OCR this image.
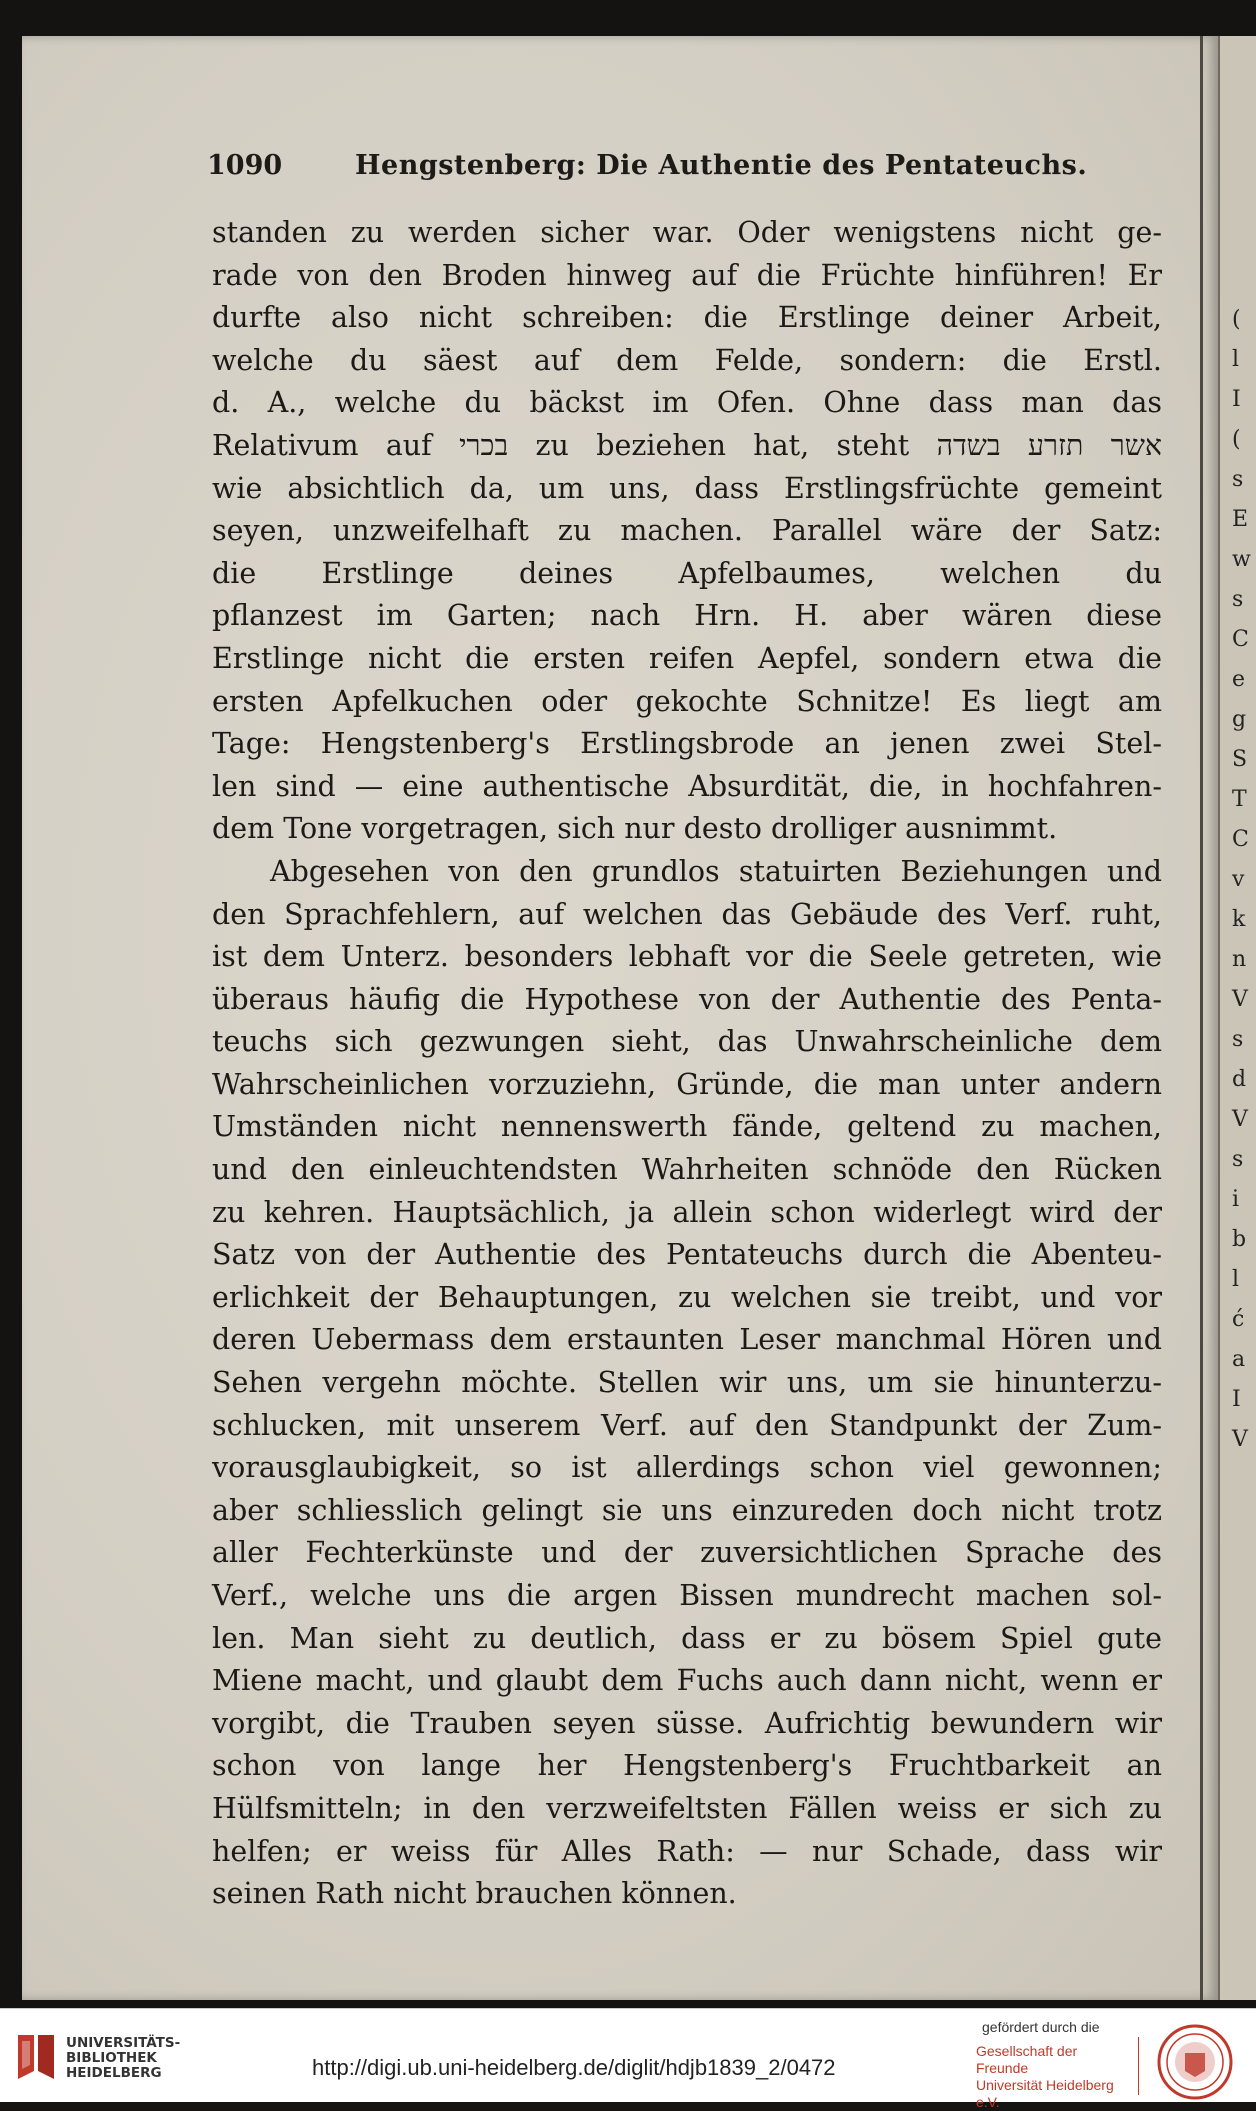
(
l
I
(
s
E
w
s
C
e
g
S
T
C
v
k
n
V
s
d
V
s
i
b
l
ć
a
I
V
1090	Hengstenberg: Die Authentie des Pentateuchs.
standen zu werden sicher war. Oder wenigstens nicht ge-
rade von den Broden hinweg auf die Früchte hinführen! Er
durfte also nicht schreiben: die Erstlinge deiner Arbeit,
welche du säest auf dem Felde, sondern: die Erstl.
d. A., welche du bäckst im Ofen. Ohne dass man das
Relativum auf בכרי zu beziehen hat, steht אשר תזרע בשדה
wie absichtlich da, um uns, dass Erstlingsfrüchte gemeint
seyen, unzweifelhaft zu machen. Parallel wäre der Satz:
die Erstlinge deines Apfelbaumes, welchen du
pflanzest im Garten; nach Hrn. H. aber wären diese
Erstlinge nicht die ersten reifen Aepfel, sondern etwa die
ersten Apfelkuchen oder gekochte Schnitze! Es liegt am
Tage: Hengstenberg's Erstlingsbrode an jenen zwei Stel-
len sind — eine authentische Absurdität, die, in hochfahren-
dem Tone vorgetragen, sich nur desto drolliger ausnimmt.
Abgesehen von den grundlos statuirten Beziehungen und
den Sprachfehlern, auf welchen das Gebäude des Verf. ruht,
ist dem Unterz. besonders lebhaft vor die Seele getreten, wie
überaus häufig die Hypothese von der Authentie des Penta-
teuchs sich gezwungen sieht, das Unwahrscheinliche dem
Wahrscheinlichen vorzuziehn, Gründe, die man unter andern
Umständen nicht nennenswerth fände, geltend zu machen,
und den einleuchtendsten Wahrheiten schnöde den Rücken
zu kehren. Hauptsächlich, ja allein schon widerlegt wird der
Satz von der Authentie des Pentateuchs durch die Abenteu-
erlichkeit der Behauptungen, zu welchen sie treibt, und vor
deren Uebermass dem erstaunten Leser manchmal Hören und
Sehen vergehn möchte. Stellen wir uns, um sie hinunterzu-
schlucken, mit unserem Verf. auf den Standpunkt der Zum-
vorausglaubigkeit, so ist allerdings schon viel gewonnen;
aber schliesslich gelingt sie uns einzureden doch nicht trotz
aller Fechterkünste und der zuversichtlichen Sprache des
Verf., welche uns die argen Bissen mundrecht machen sol-
len. Man sieht zu deutlich, dass er zu bösem Spiel gute
Miene macht, und glaubt dem Fuchs auch dann nicht, wenn er
vorgibt, die Trauben seyen süsse. Aufrichtig bewundern wir
schon von lange her Hengstenberg's Fruchtbarkeit an
Hülfsmitteln; in den verzweifeltsten Fällen weiss er sich zu
helfen; er weiss für Alles Rath: — nur Schade, dass wir
seinen Rath nicht brauchen können.
UNIVERSITÄTS-
BIBLIOTHEK
HEIDELBERG	http://digi.ub.uni-heidelberg.de/diglit/hdjb1839_2/0472
gefördert durch die
Gesellschaft der Freunde
Universität Heidelberg e.V.
